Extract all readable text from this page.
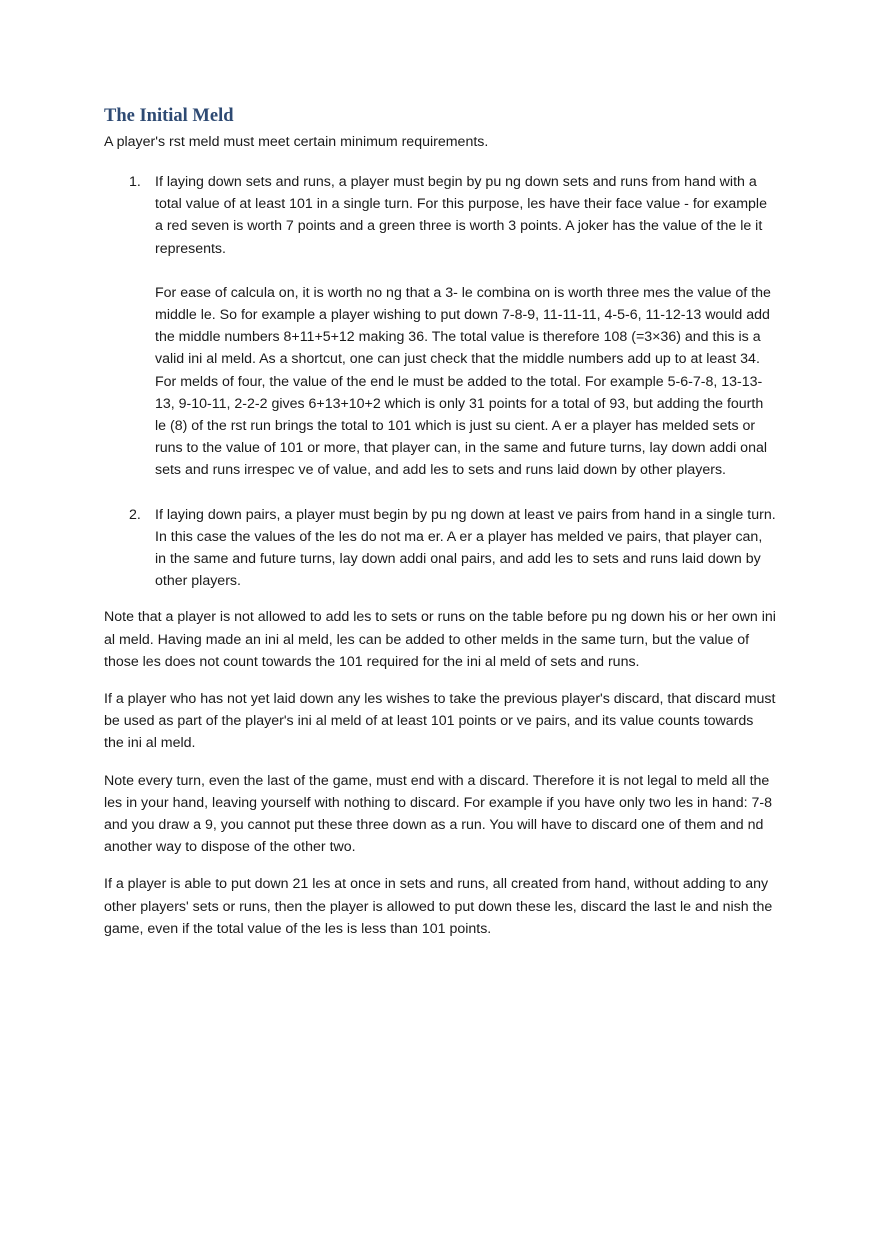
The Initial Meld

A player's rst meld must meet certain minimum requirements.

1. If laying down sets and runs, a player must begin by pu ng down sets and runs from hand with a total value of at least 101 in a single turn. For this purpose, les have their face value - for example a red seven is worth 7 points and a green three is worth 3 points. A joker has the value of the le it represents.

For ease of calcula on, it is worth no ng that a 3- le combina on is worth three mes the value of the middle le. So for example a player wishing to put down 7-8-9, 11-11-11, 4-5-6, 11-12-13 would add the middle numbers 8+11+5+12 making 36. The total value is therefore 108 (=3×36) and this is a valid ini al meld. As a shortcut, one can just check that the middle numbers add up to at least 34. For melds of four, the value of the end le must be added to the total. For example 5-6-7-8, 13-13-13, 9-10-11, 2-2-2 gives 6+13+10+2 which is only 31 points for a total of 93, but adding the fourth le (8) of the rst run brings the total to 101 which is just su cient. A er a player has melded sets or runs to the value of 101 or more, that player can, in the same and future turns, lay down addi onal sets and runs irrespec ve of value, and add les to sets and runs laid down by other players.

2. If laying down pairs, a player must begin by pu ng down at least ve pairs from hand in a single turn. In this case the values of the les do not ma er. A er a player has melded ve pairs, that player can, in the same and future turns, lay down addi onal pairs, and add les to sets and runs laid down by other players.

Note that a player is not allowed to add les to sets or runs on the table before pu ng down his or her own ini al meld. Having made an ini al meld, les can be added to other melds in the same turn, but the value of those les does not count towards the 101 required for the ini al meld of sets and runs.

If a player who has not yet laid down any les wishes to take the previous player's discard, that discard must be used as part of the player's ini al meld of at least 101 points or ve pairs, and its value counts towards the ini al meld.

Note every turn, even the last of the game, must end with a discard. Therefore it is not legal to meld all the les in your hand, leaving yourself with nothing to discard. For example if you have only two les in hand: 7-8 and you draw a 9, you cannot put these three down as a run. You will have to discard one of them and nd another way to dispose of the other two.

If a player is able to put down 21 les at once in sets and runs, all created from hand, without adding to any other players' sets or runs, then the player is allowed to put down these les, discard the last le and nish the game, even if the total value of the les is less than 101 points.
